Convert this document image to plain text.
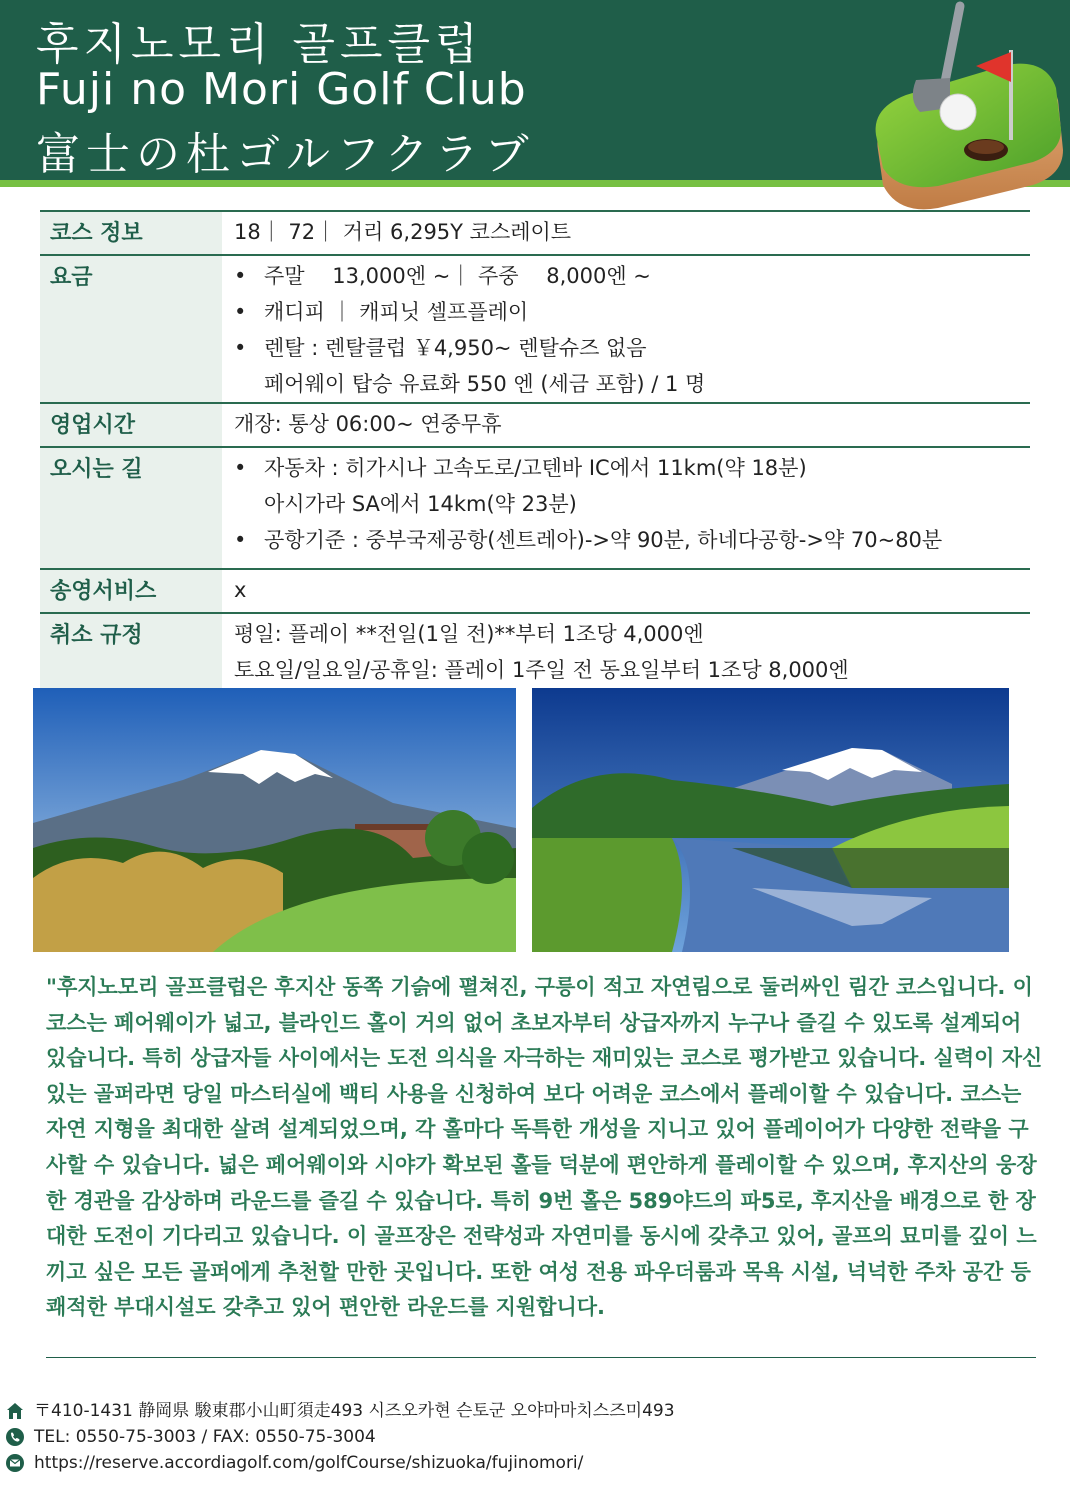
후지노모리 골프클럽
Fuji no Mori Golf Club
富士の杜ゴルフクラブ
코스 정보	18｜ 72｜ 거리 6,295Y 코스레이트
요금	• 주말　 13,000엔 ~｜ 주중　 8,000엔 ~
• 캐디피 ｜ 캐피닛 셀프플레이
• 렌탈 : 렌탈클럽 ￥4,950~ 렌탈슈즈 없음
페어웨이 탑승 유료화 550 엔 (세금 포함) / 1 명
영업시간	개장: 통상 06:00~ 연중무휴
오시는 길	• 자동차 : 히가시나 고속도로/고텐바 IC에서 11km(약 18분)
아시가라 SA에서 14km(약 23분)
• 공항기준 : 중부국제공항(센트레아)->약 90분, 하네다공항->약 70~80분
송영서비스	x
취소 규정	평일: 플레이 **전일(1일 전)**부터 1조당 4,000엔
토요일/일요일/공휴일: 플레이 1주일 전 동요일부터 1조당 8,000엔
"후지노모리 골프클럽은 후지산 동쪽 기슭에 펼쳐진, 구릉이 적고 자연림으로 둘러싸인 림간 코스입니다. 이 코스는 페어웨이가 넓고, 블라인드 홀이 거의 없어 초보자부터 상급자까지 누구나 즐길 수 있도록 설계되어 있습니다. 특히 상급자들 사이에서는 도전 의식을 자극하는 재미있는 코스로 평가받고 있습니다. 실력이 자신 있는 골퍼라면 당일 마스터실에 백티 사용을 신청하여 보다 어려운 코스에서 플레이할 수 있습니다. 코스는 자연 지형을 최대한 살려 설계되었으며, 각 홀마다 독특한 개성을 지니고 있어 플레이어가 다양한 전략을 구사할 수 있습니다. 넓은 페어웨이와 시야가 확보된 홀들 덕분에 편안하게 플레이할 수 있으며, 후지산의 웅장한 경관을 감상하며 라운드를 즐길 수 있습니다. 특히 9번 홀은 589야드의 파5로, 후지산을 배경으로 한 장대한 도전이 기다리고 있습니다. 이 골프장은 전략성과 자연미를 동시에 갖추고 있어, 골프의 묘미를 깊이 느끼고 싶은 모든 골퍼에게 추천할 만한 곳입니다. 또한 여성 전용 파우더룸과 목욕 시설, 넉넉한 주차 공간 등 쾌적한 부대시설도 갖추고 있어 편안한 라운드를 지원합니다.
〒410-1431 静岡県 駿東郡小山町須走493 시즈오카현 슨토군 오야마마치스즈미493
TEL: 0550-75-3003 / FAX: 0550-75-3004
https://reserve.accordiagolf.com/golfCourse/shizuoka/fujinomori/
